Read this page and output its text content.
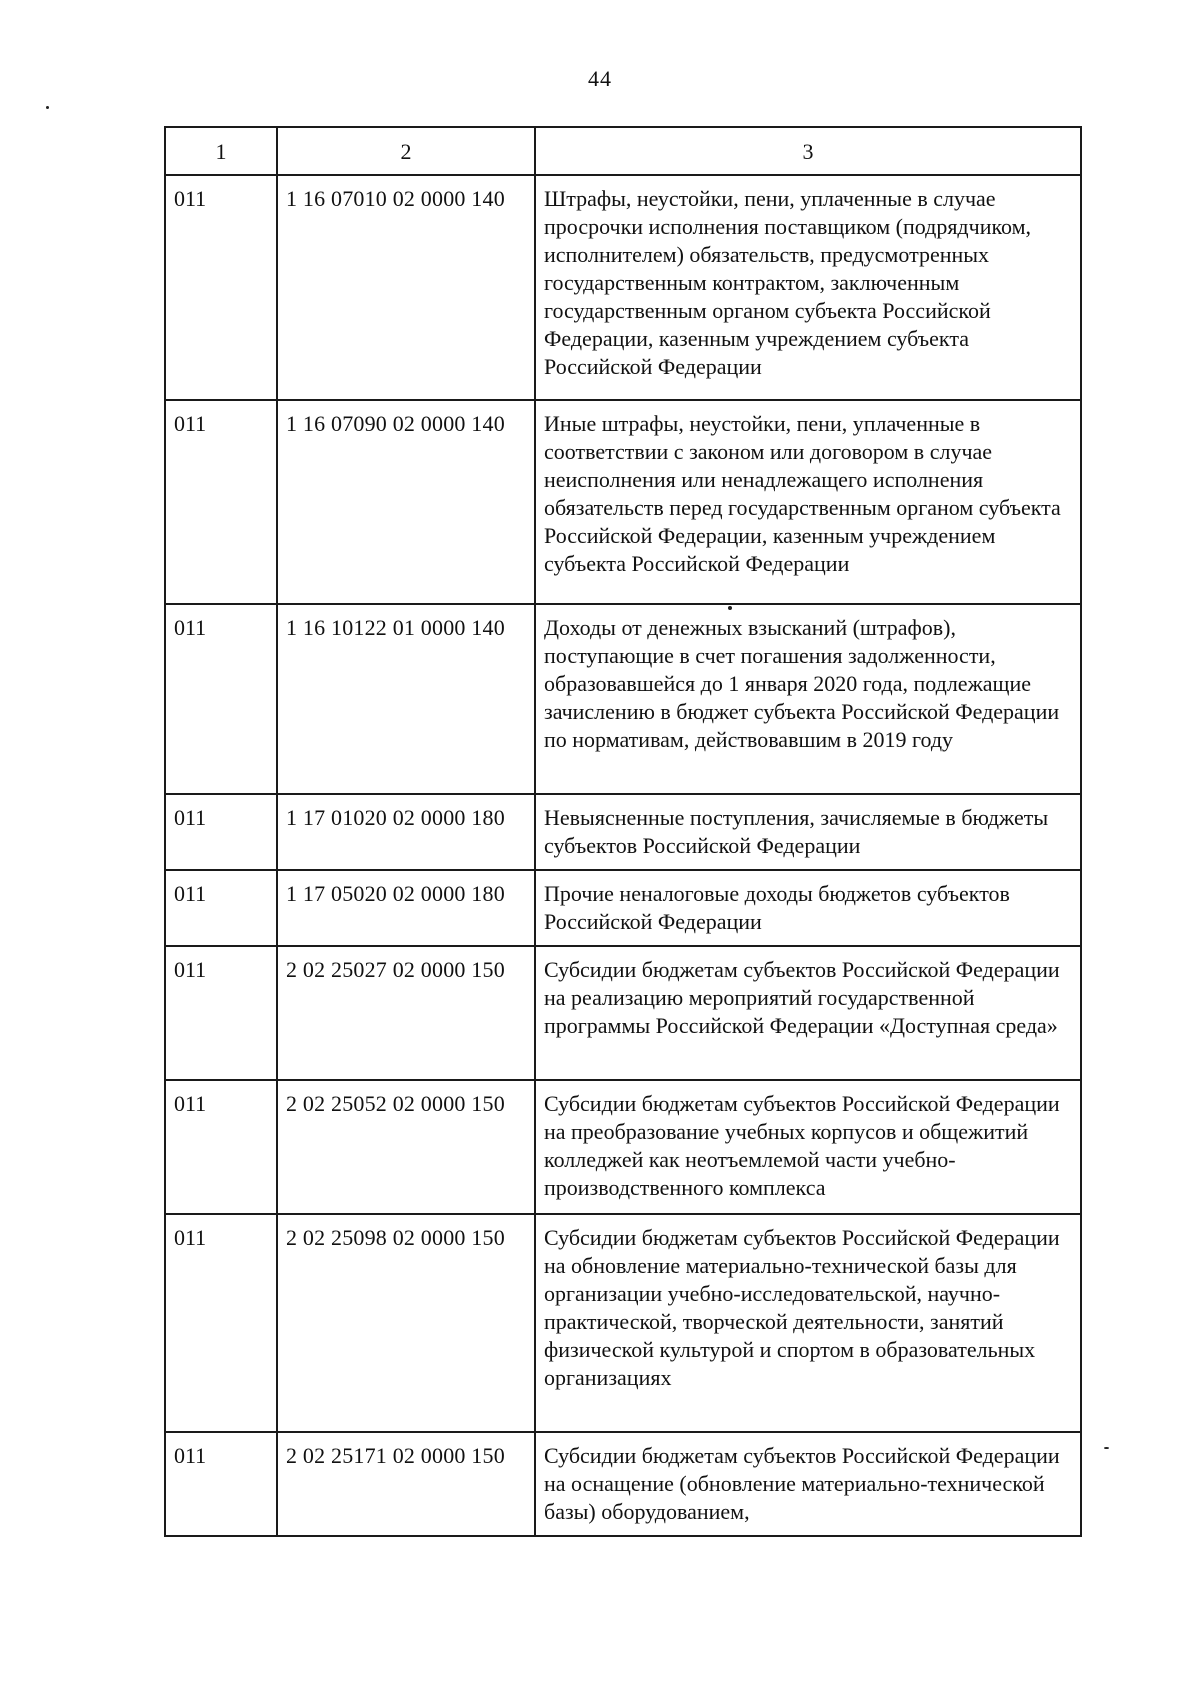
44
1	2	3
011	1 16 07010 02 0000 140	Штрафы, неустойки, пени, уплаченные в случае просрочки исполнения поставщиком (подрядчиком, исполнителем) обязательств, предусмотренных государственным контрактом, заключенным государственным органом субъекта Российской Федерации, казенным учреждением субъекта Российской Федерации
011	1 16 07090 02 0000 140	Иные штрафы, неустойки, пени, уплаченные в соответствии с законом или договором в случае неисполнения или ненадлежащего исполнения обязательств перед государственным органом субъекта Российской Федерации, казенным учреждением субъекта Российской Федерации
011	1 16 10122 01 0000 140	Доходы от денежных взысканий (штрафов), поступающие в счет погашения задолженности, образовавшейся до 1 января 2020 года, подлежащие зачислению в бюджет субъекта Российской Федерации по нормативам, действовавшим в 2019 году
011	1 17 01020 02 0000 180	Невыясненные поступления, зачисляемые в бюджеты субъектов Российской Федерации
011	1 17 05020 02 0000 180	Прочие неналоговые доходы бюджетов субъектов Российской Федерации
011	2 02 25027 02 0000 150	Субсидии бюджетам субъектов Российской Федерации на реализацию мероприятий государственной программы Российской Федерации «Доступная среда»
011	2 02 25052 02 0000 150	Субсидии бюджетам субъектов Российской Федерации на преобразование учебных корпусов и общежитий колледжей как неотъемлемой части учебно-производственного комплекса
011	2 02 25098 02 0000 150	Субсидии бюджетам субъектов Российской Федерации на обновление материально-технической базы для организации учебно-исследовательской, научно-практической, творческой деятельности, занятий физической культурой и спортом в образовательных организациях
011	2 02 25171 02 0000 150	Субсидии бюджетам субъектов Российской Федерации на оснащение (обновление материально-технической базы) оборудованием,
